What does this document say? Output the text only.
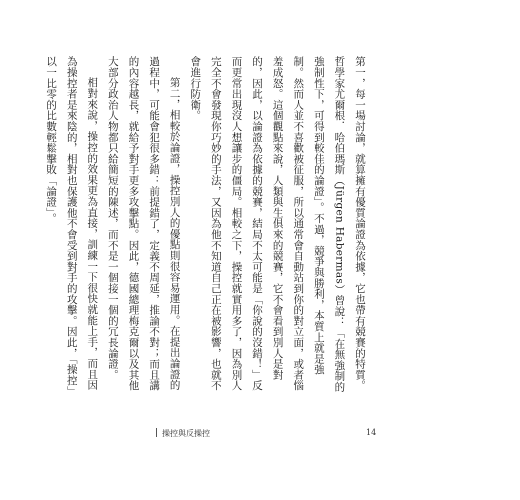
第一，每一場討論，就算擁有優質論證為依據，它也帶有競賽的特質。哲學家尤爾根．哈伯瑪斯（Jürgen Habermas）曾說：「在無強制的強制性下，可得到較佳的論證」。不過，競爭與勝利，本質上就是強制。然而人並不喜歡被征服，所以通常會自動站到你的對立面，或者惱羞成怒。這個觀點來說，人類與生俱來的競賽，它不會看到別人是對的，因此，以論證為依據的競賽，結局不太可能是「你說的沒錯！」反而更常出現沒人想讓步的僵局。相較之下，操控就實用多了，因為別人完全不會發現你巧妙的手法，又因為他不知道自己正在被影響，也就不會進行防衛。

第二，相較於論證，操控別人的優點則很容易運用。在提出論證的過程中，可能會犯很多錯：前提錯了，定義不周延，推論不對；而且講的內容越長，就給予對手更多攻擊點。因此，德國總理梅克爾以及其他大部分政治人物都只給簡短的陳述，而不是一個接一個的冗長論證。

相對來說，操控的效果更為直接，訓練一下很快就能上手，而且因為操控者是來陰的，相對也保護他不會受到對手的攻擊。因此，「操控」以一比零的比數輕鬆擊敗「論證」。

操控與反操控	14
